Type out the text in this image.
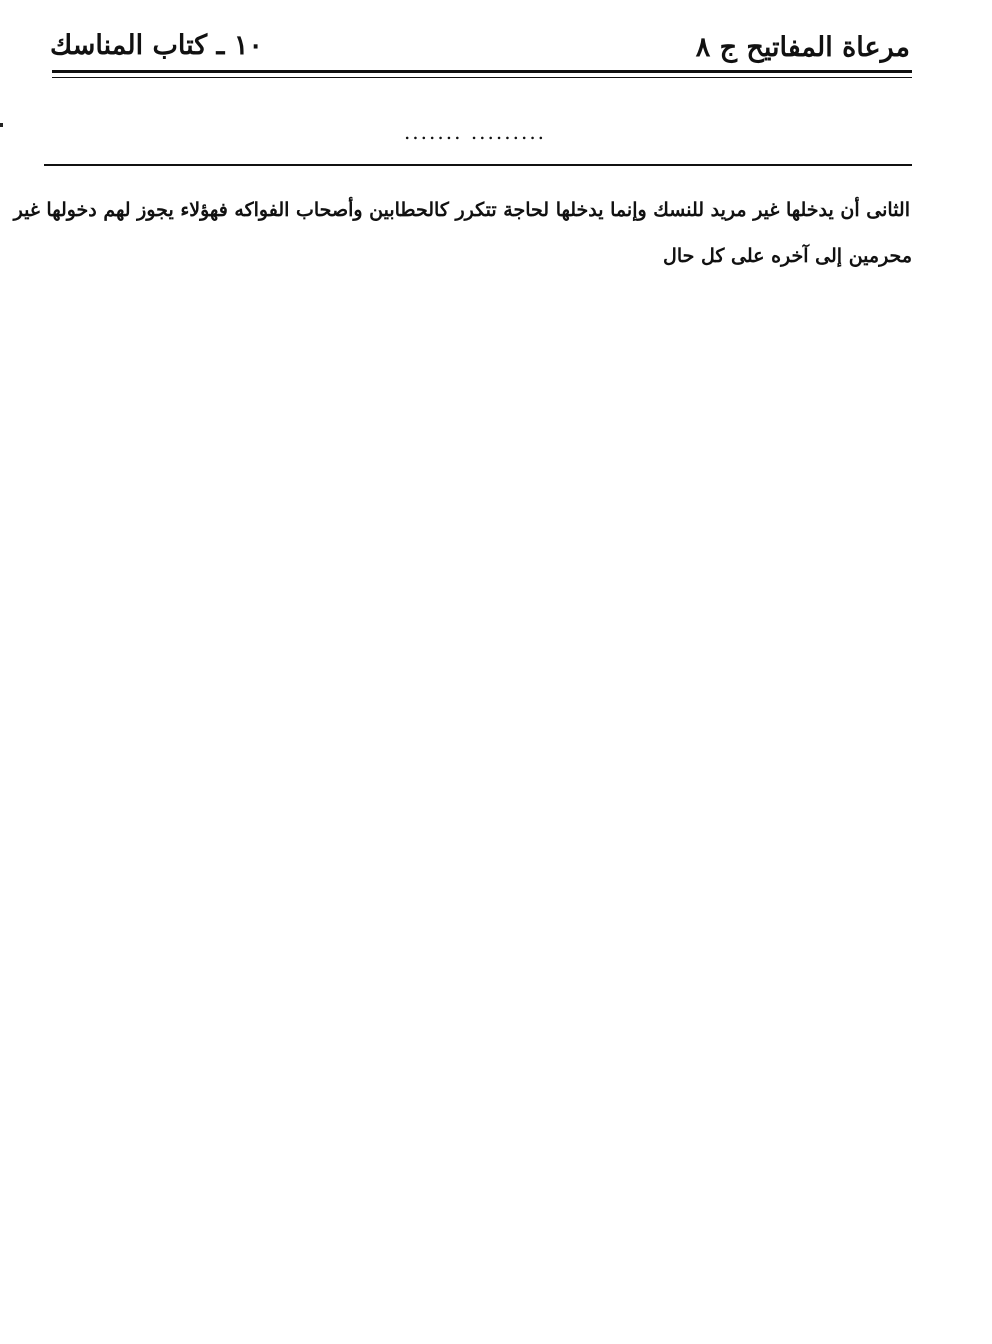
مرعاة المفاتيح ج ٨
١٠ ـ كتاب المناسك
....... .........
الثانى أن يدخلها غير مريد للنسك وإنما يدخلها لحاجة تتكرر كالحطابين وأصحاب الفواكه فهؤلاء يجوز لهم دخولها غير
محرمين إلى آخره على كل حال
